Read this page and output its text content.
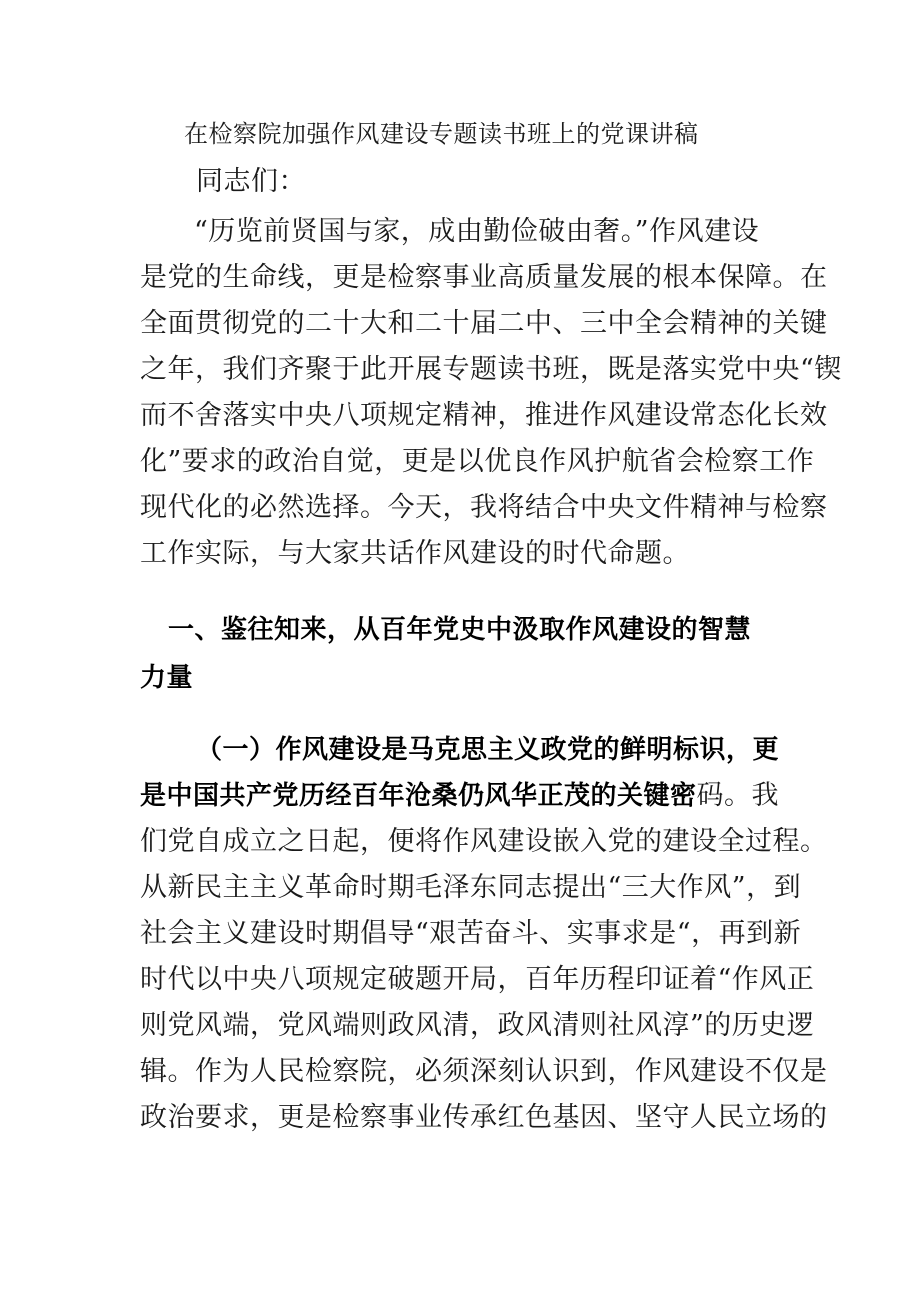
在检察院加强作风建设专题读书班上的党课讲稿
同志们：
“历览前贤国与家，成由勤俭破由奢。”作风建设
是党的生命线，更是检察事业高质量发展的根本保障。在
全面贯彻党的二十大和二十届二中、三中全会精神的关键
之年，我们齐聚于此开展专题读书班，既是落实党中央“锲
而不舍落实中央八项规定精神，推进作风建设常态化长效
化”要求的政治自觉，更是以优良作风护航省会检察工作
现代化的必然选择。今天，我将结合中央文件精神与检察
工作实际，与大家共话作风建设的时代命题。
一、鉴往知来，从百年党史中汲取作风建设的智慧
力量
（一）作风建设是马克思主义政党的鲜明标识，更
是中国共产党历经百年沧桑仍风华正茂的关键密码。我
们党自成立之日起，便将作风建设嵌入党的建设全过程。
从新民主主义革命时期毛泽东同志提出“三大作风”，到
社会主义建设时期倡导“艰苦奋斗、实事求是“，再到新
时代以中央八项规定破题开局，百年历程印证着“作风正
则党风端，党风端则政风清，政风清则社风淳”的历史逻
辑。作为人民检察院，必须深刻认识到，作风建设不仅是
政治要求，更是检察事业传承红色基因、坚守人民立场的
